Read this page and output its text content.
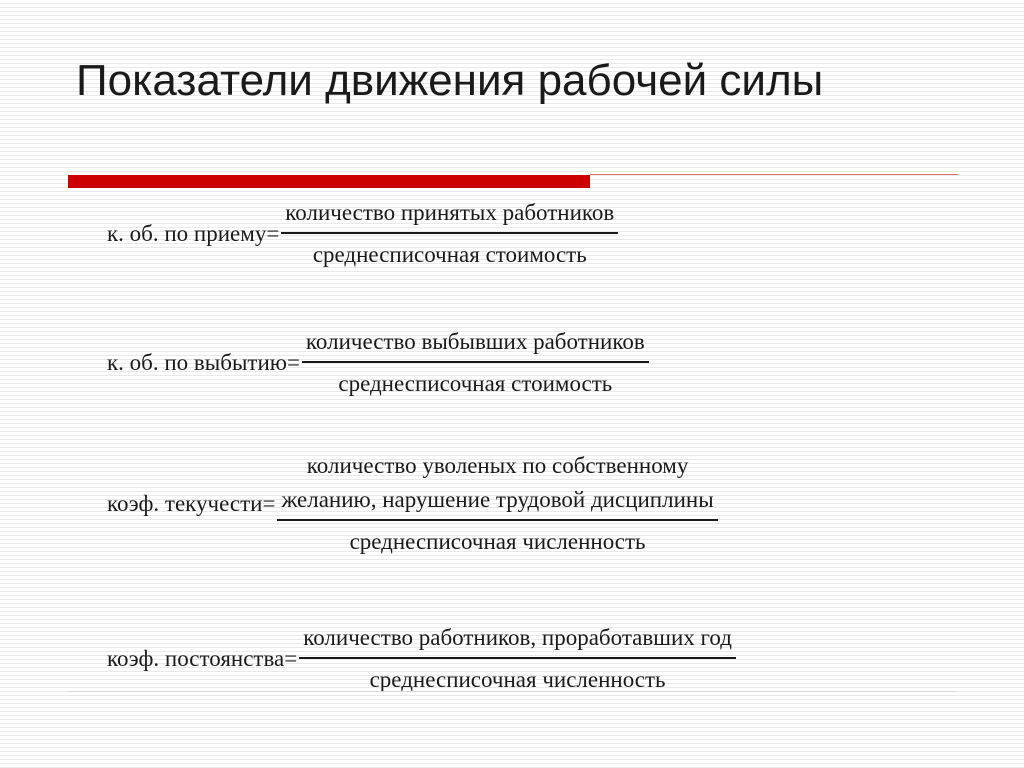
Показатели движения рабочей силы
к. об. по приему= $\frac{\text{количество принятых работников}}{\text{среднесписочная стоимость}}$
к. об. по выбытию= $\frac{\text{количество выбывших работников}}{\text{среднесписочная стоимость}}$
коэф. текучести=
количество уволеных по собственному
желанию, нарушение трудовой дисциплины
среднесписочная численность
коэф. постоянства= $\frac{\text{количество работников, проработавших год}}{\text{среднесписочная численность}}$
